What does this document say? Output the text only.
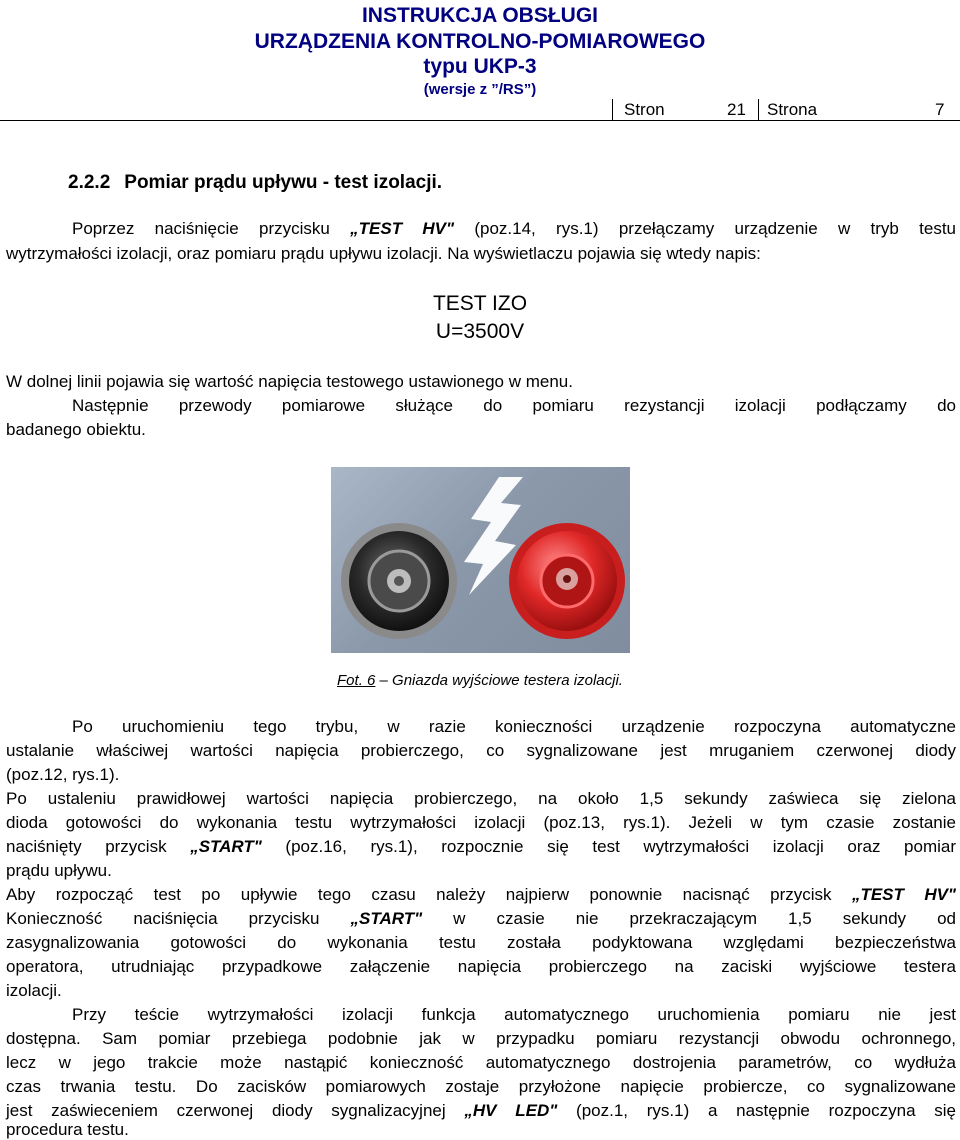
INSTRUKCJA OBSŁUGI
URZĄDZENIA KONTROLNO-POMIAROWEGO
typu UKP-3
(wersje z ”/RS”)
Stron	21 Strona	7
2.2.2 Pomiar prądu upływu - test izolacji.
Poprzez naciśnięcie przycisku „TEST HV" (poz.14, rys.1) przełączamy urządzenie w tryb testu
wytrzymałości izolacji, oraz pomiaru prądu upływu izolacji. Na wyświetlaczu pojawia się wtedy napis:
TEST IZO
U=3500V
W dolnej linii pojawia się wartość napięcia testowego ustawionego w menu.
Następnie przewody pomiarowe służące do pomiaru rezystancji izolacji podłączamy do
badanego obiektu.
Fot. 6 – Gniazda wyjściowe testera izolacji.
Po uruchomieniu tego trybu, w razie konieczności urządzenie rozpoczyna automatyczne
ustalanie właściwej wartości napięcia probierczego, co sygnalizowane jest mruganiem czerwonej diody
(poz.12, rys.1).
Po ustaleniu prawidłowej wartości napięcia probierczego, na około 1,5 sekundy zaświeca się zielona
dioda gotowości do wykonania testu wytrzymałości izolacji (poz.13, rys.1). Jeżeli w tym czasie zostanie
naciśnięty przycisk „START" (poz.16, rys.1), rozpocznie się test wytrzymałości izolacji oraz pomiar
prądu upływu.
Aby rozpocząć test po upływie tego czasu należy najpierw ponownie nacisnąć przycisk „TEST HV"
Konieczność naciśnięcia przycisku „START" w czasie nie przekraczającym 1,5 sekundy od
zasygnalizowania gotowości do wykonania testu została podyktowana względami bezpieczeństwa
operatora, utrudniając przypadkowe załączenie napięcia probierczego na zaciski wyjściowe testera
izolacji.
Przy teście wytrzymałości izolacji funkcja automatycznego uruchomienia pomiaru nie jest
dostępna. Sam pomiar przebiega podobnie jak w przypadku pomiaru rezystancji obwodu ochronnego,
lecz w jego trakcie może nastąpić konieczność automatycznego dostrojenia parametrów, co wydłuża
czas trwania testu. Do zacisków pomiarowych zostaje przyłożone napięcie probiercze, co sygnalizowane
jest zaświeceniem czerwonej diody sygnalizacyjnej „HV LED" (poz.1, rys.1) a następnie rozpoczyna się
procedura testu.
